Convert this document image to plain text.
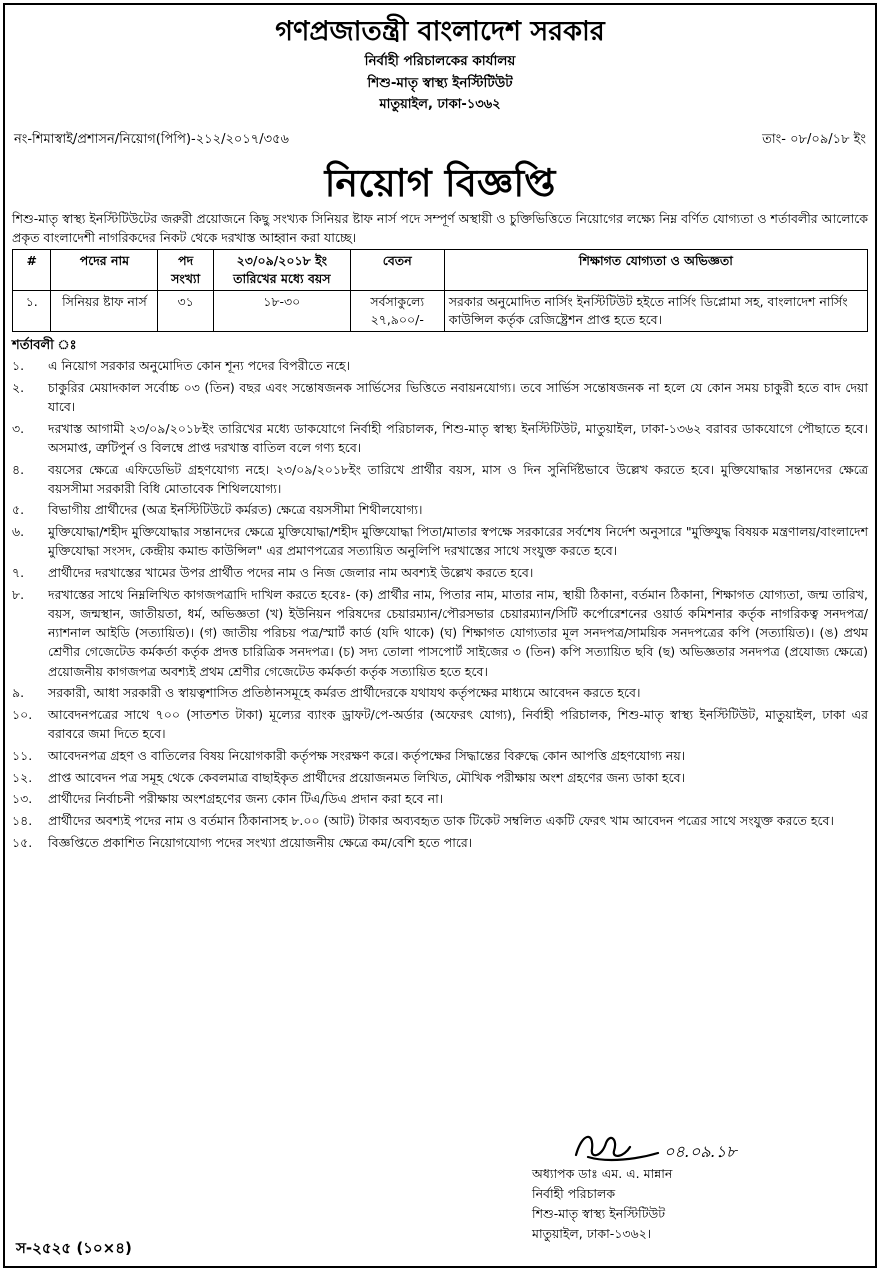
গণপ্রজাতন্ত্রী বাংলাদেশ সরকার
নির্বাহী পরিচালকের কার্যালয়
শিশু-মাতৃ স্বাস্থ্য ইনস্টিটিউট
মাতুয়াইল, ঢাকা-১৩৬২
নং-শিমাস্বাই/প্রশাসন/নিয়োগ(পিপি)-২১২/২০১৭/৩৫৬	তাং- ০৮/০৯/১৮ ইং
নিয়োগ বিজ্ঞপ্তি
শিশু-মাতৃ স্বাস্থ্য ইনস্টিটিউটের জরুরী প্রয়োজনে কিছু সংখ্যক সিনিয়র ষ্টাফ নার্স পদে সম্পূর্ণ অস্থায়ী ও চুক্তিভিত্তিতে নিয়োগের লক্ষ্যে নিম্ন বর্ণিত যোগ্যতা ও শর্তাবলীর আলোকে প্রকৃত বাংলাদেশী নাগরিকদের নিকট থেকে দরখাস্ত আহ্বান করা যাচ্ছে।
#	পদের নাম	পদ সংখ্যা	২৩/০৯/২০১৮ ইং তারিখের মধ্যে বয়স	বেতন	শিক্ষাগত যোগ্যতা ও অভিজ্ঞতা
১.	সিনিয়র ষ্টাফ নার্স	৩১	১৮-৩০	সর্বসাকুল্যে ২৭,৯০০/-	সরকার অনুমোদিত নার্সিং ইনস্টিটিউট হইতে নার্সিং ডিপ্লোমা সহ, বাংলাদেশ নার্সিং কাউন্সিল কর্তৃক রেজিষ্ট্রেশন প্রাপ্ত হতে হবে।
শর্তাবলী ঃ
১.	এ নিয়োগ সরকার অনুমোদিত কোন শূন্য পদের বিপরীতে নহে।
২.	চাকুরির মেয়াদকাল সর্বোচ্চ ০৩ (তিন) বছর এবং সন্তোষজনক সার্ভিসের ভিত্তিতে নবায়নযোগ্য। তবে সার্ভিস সন্তোষজনক না হলে যে কোন সময় চাকুরী হতে বাদ দেয়া যাবে।
৩.	দরখাস্ত আগামী ২৩/০৯/২০১৮ইং তারিখের মধ্যে ডাকযোগে নির্বাহী পরিচালক, শিশু-মাতৃ স্বাস্থ্য ইনস্টিটিউট, মাতুয়াইল, ঢাকা-১৩৬২ বরাবর ডাকযোগে পৌছাতে হবে। অসমাপ্ত, ত্রুটিপুর্ন ও বিলম্বে প্রাপ্ত দরখাস্ত বাতিল বলে গণ্য হবে।
৪.	বয়সের ক্ষেত্রে এফিডেভিট গ্রহণযোগ্য নহে। ২৩/০৯/২০১৮ইং তারিখে প্রার্থীর বয়স, মাস ও দিন সুনির্দিষ্টভাবে উল্লেখ করতে হবে। মুক্তিযোদ্ধার সন্তানদের ক্ষেত্রে বয়সসীমা সরকারী বিধি মোতাবেক শিথিলযোগ্য।
৫.	বিভাগীয় প্রার্থীদের (অত্র ইনস্টিটিউটে কর্মরত) ক্ষেত্রে বয়সসীমা শিথীলযোগ্য।
৬.	মুক্তিযোদ্ধা/শহীদ মুক্তিযোদ্ধার সন্তানদের ক্ষেত্রে মুক্তিযোদ্ধা/শহীদ মুক্তিযোদ্ধা পিতা/মাতার স্বপক্ষে সরকারের সর্বশেষ নির্দেশ অনুসারে "মুক্তিযুদ্ধ বিষয়ক মন্ত্রণালয়/বাংলাদেশ মুক্তিযোদ্ধা সংসদ, কেন্দ্রীয় কমান্ড কাউন্সিল" এর প্রমাণপত্রের সত্যায়িত অনুলিপি দরখাস্তের সাথে সংযুক্ত করতে হবে।
৭.	প্রার্থীদের দরখাস্তের খামের উপর প্রার্থীত পদের নাম ও নিজ জেলার নাম অবশ্যই উল্লেখ করতে হবে।
৮.	দরখাস্তের সাথে নিম্নলিখিত কাগজপত্রাদি দাখিল করতে হবেঃ- (ক) প্রার্থীর নাম, পিতার নাম, মাতার নাম, স্থায়ী ঠিকানা, বর্তমান ঠিকানা, শিক্ষাগত যোগ্যতা, জন্ম তারিখ, বয়স, জন্মস্থান, জাতীয়তা, ধর্ম, অভিজ্ঞতা (খ) ইউনিয়ন পরিষদের চেয়ারম্যান/পৌরসভার চেয়ারম্যান/সিটি কর্পোরেশনের ওয়ার্ড কমিশনার কর্তৃক নাগরিকত্ব সনদপত্র/ন্যাশনাল আইডি (সত্যায়িত)। (গ) জাতীয় পরিচয় পত্র/স্মার্ট কার্ড (যদি থাকে) (ঘ) শিক্ষাগত যোগ্যতার মূল সনদপত্র/সাময়িক সনদপত্রের কপি (সত্যায়িত)। (ঙ) প্রথম শ্রেণীর গেজেটেড কর্মকর্তা কর্তৃক প্রদত্ত চারিত্রিক সনদপত্র। (চ) সদ্য তোলা পাসপোর্ট সাইজের ৩ (তিন) কপি সত্যায়িত ছবি (ছ) অভিজ্ঞতার সনদপত্র (প্রযোজ্য ক্ষেত্রে) প্রয়োজনীয় কাগজপত্র অবশ্যই প্রথম শ্রেণীর গেজেটেড কর্মকর্তা কর্তৃক সত্যায়িত হতে হবে।
৯.	সরকারী, আধা সরকারী ও স্বায়ত্বশাসিত প্রতিষ্ঠানসমূহে কর্মরত প্রার্থীদেরকে যথাযথ কর্তৃপক্ষের মাধ্যমে আবেদন করতে হবে।
১০.	আবেদনপত্রের সাথে ৭০০ (সাতশত টাকা) মূল্যের ব্যাংক ড্রাফট/পে-অর্ডার (অফেরৎ যোগ্য), নির্বাহী পরিচালক, শিশু-মাতৃ স্বাস্থ্য ইনস্টিটিউট, মাতুয়াইল, ঢাকা এর বরাবরে জমা দিতে হবে।
১১.	আবেদনপত্র গ্রহণ ও বাতিলের বিষয় নিয়োগকারী কর্তৃপক্ষ সংরক্ষণ করে। কর্তৃপক্ষের সিদ্ধান্তের বিরুদ্ধে কোন আপত্তি গ্রহণযোগ্য নয়।
১২.	প্রাপ্ত আবেদন পত্র সমূহ থেকে কেবলমাত্র বাছাইকৃত প্রার্থীদের প্রয়োজনমত লিখিত, মৌখিক পরীক্ষায় অংশ গ্রহণের জন্য ডাকা হবে।
১৩.	প্রার্থীদের নির্বাচনী পরীক্ষায় অংশগ্রহণের জন্য কোন টিএ/ডিএ প্রদান করা হবে না।
১৪.	প্রার্থীদের অবশ্যই পদের নাম ও বর্তমান ঠিকানাসহ ৮.০০ (আট) টাকার অব্যবহৃত ডাক টিকেট সম্বলিত একটি ফেরৎ খাম আবেদন পত্রের সাথে সংযুক্ত করতে হবে।
১৫.	বিজ্ঞপ্তিতে প্রকাশিত নিয়োগযোগ্য পদের সংখ্যা প্রয়োজনীয় ক্ষেত্রে কম/বেশি হতে পারে।
০৪.০৯.১৮
অধ্যাপক ডাঃ এম. এ. মান্নান
নির্বাহী পরিচালক
শিশু-মাতৃ স্বাস্থ্য ইনস্টিটিউট
মাতুয়াইল, ঢাকা-১৩৬২।
স-২৫২৫ (১০×৪)
